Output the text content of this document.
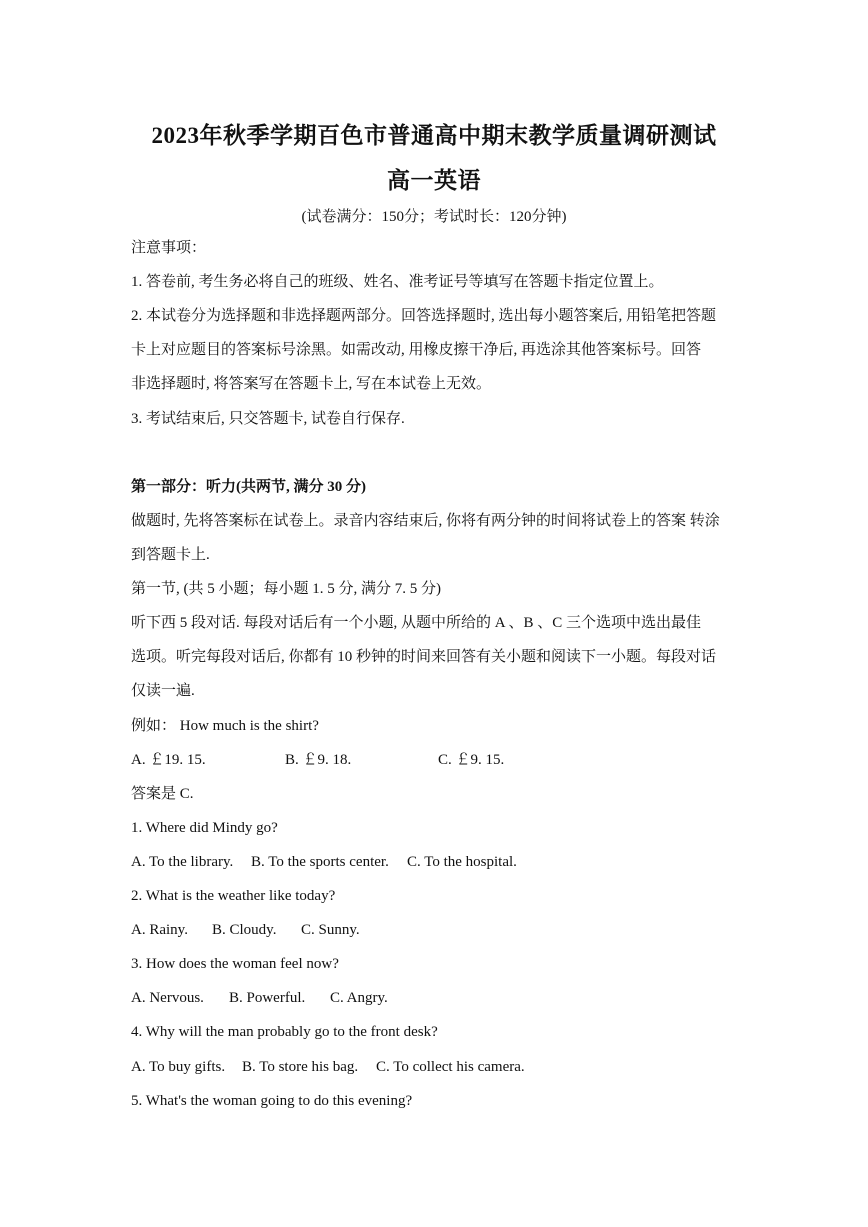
2023年秋季学期百色市普通高中期末教学质量调研测试
高一英语
(试卷满分：150分；考试时长：120分钟)
注意事项：
1. 答卷前, 考生务必将自己的班级、姓名、准考证号等填写在答题卡指定位置上。
2. 本试卷分为选择题和非选择题两部分。回答选择题时, 选出每小题答案后, 用铅笔把答题
卡上对应题目的答案标号涂黑。如需改动, 用橡皮擦干净后, 再选涂其他答案标号。回答
非选择题时, 将答案写在答题卡上, 写在本试卷上无效。
3. 考试结束后, 只交答题卡, 试卷自行保存.
第一部分：听力(共两节, 满分 30 分)
做题时, 先将答案标在试卷上。录音内容结束后, 你将有两分钟的时间将试卷上的答案 转涂
到答题卡上.
第一节, (共 5 小题；每小题 1. 5 分, 满分 7. 5 分)
听下西 5 段对话. 每段对话后有一个小题, 从题中所给的 A 、B 、C 三个选项中选出最佳
选项。听完每段对话后, 你都有 10 秒钟的时间来回答有关小题和阅读下一小题。每段对话
仅读一遍.
例如： How much is the shirt?
A. ￡19. 15.	B. ￡9. 18.	C. ￡9. 15.
答案是 C.
1. Where did Mindy go?
A. To the library. B. To the sports center. C. To the hospital.
2. What is the weather like today?
A. Rainy. B. Cloudy. C. Sunny.
3. How does the woman feel now?
A. Nervous. B. Powerful. C. Angry.
4. Why will the man probably go to the front desk?
A. To buy gifts. B. To store his bag. C. To collect his camera.
5. What's the woman going to do this evening?
